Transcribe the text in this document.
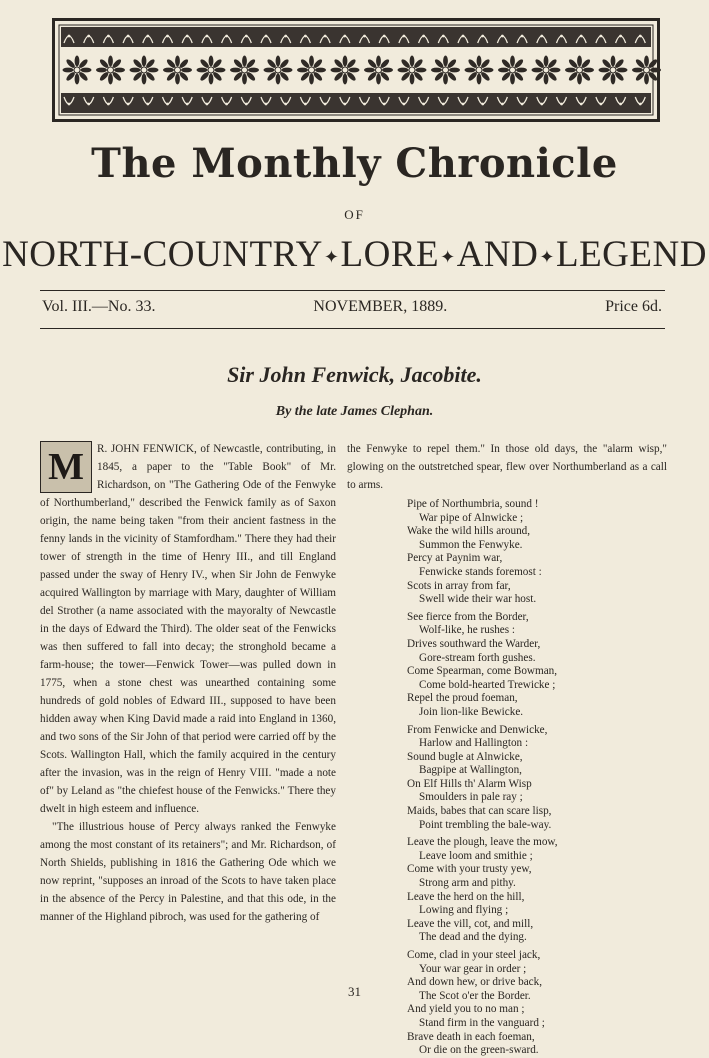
The Monthly Chronicle
OF
NORTH-COUNTRY✦LORE✦AND✦LEGEND
Vol. III.—No. 33.	NOVEMBER, 1889.	Price 6d.
Sir John Fenwick, Jacobite.
By the late James Clephan.

M	R. JOHN FENWICK, of Newcastle, contributing, in 1845, a paper to the "Table Book" of Mr. Richardson, on "The Gathering Ode of the Fenwyke of Northumberland," described the Fenwick family as of Saxon origin, the name being taken "from their ancient fastness in the fenny lands in the vicinity of Stamfordham." There they had their tower of strength in the time of Henry III., and till England passed under the sway of Henry IV., when Sir John de Fenwyke acquired Wallington by marriage with Mary, daughter of William del Strother (a name associated with the mayoralty of Newcastle in the days of Edward the Third). The older seat of the Fenwicks was then suffered to fall into decay; the stronghold became a farm-house; the tower—Fenwick Tower—was pulled down in 1775, when a stone chest was unearthed containing some hundreds of gold nobles of Edward III., supposed to have been hidden away when King David made a raid into England in 1360, and two sons of the Sir John of that period were carried off by the Scots. Wallington Hall, which the family acquired in the century after the invasion, was in the reign of Henry VIII. "made a note of" by Leland as "the chiefest house of the Fenwicks." There they dwelt in high esteem and influence.

"The illustrious house of Percy always ranked the Fenwyke among the most constant of its retainers"; and Mr. Richardson, of North Shields, publishing in 1816 the Gathering Ode which we now reprint, "supposes an inroad of the Scots to have taken place in the absence of the Percy in Palestine, and that this ode, in the manner of the Highland pibroch, was used for the gathering of

the Fenwyke to repel them." In those old days, the "alarm wisp," glowing on the outstretched spear, flew over Northumberland as a call to arms.

Pipe of Northumbria, sound !
War pipe of Alnwicke ;
Wake the wild hills around,
Summon the Fenwyke.
Percy at Paynim war,
Fenwicke stands foremost :
Scots in array from far,
Swell wide their war host.
See fierce from the Border,
Wolf-like, he rushes :
Drives southward the Warder,
Gore-stream forth gushes.
Come Spearman, come Bowman,
Come bold-hearted Trewicke ;
Repel the proud foeman,
Join lion-like Bewicke.
From Fenwicke and Denwicke,
Harlow and Hallington :
Sound bugle at Alnwicke,
Bagpipe at Wallington,
On Elf Hills th' Alarm Wisp
Smoulders in pale ray ;
Maids, babes that can scare lisp,
Point trembling the bale-way.
Leave the plough, leave the mow,
Leave loom and smithie ;
Come with your trusty yew,
Strong arm and pithy.
Leave the herd on the hill,
Lowing and flying ;
Leave the vill, cot, and mill,
The dead and the dying.
Come, clad in your steel jack,
Your war gear in order ;
And down hew, or drive back,
The Scot o'er the Border.
And yield you to no man ;
Stand firm in the vanguard ;
Brave death in each foeman,
Or die on the green-sward.
31
